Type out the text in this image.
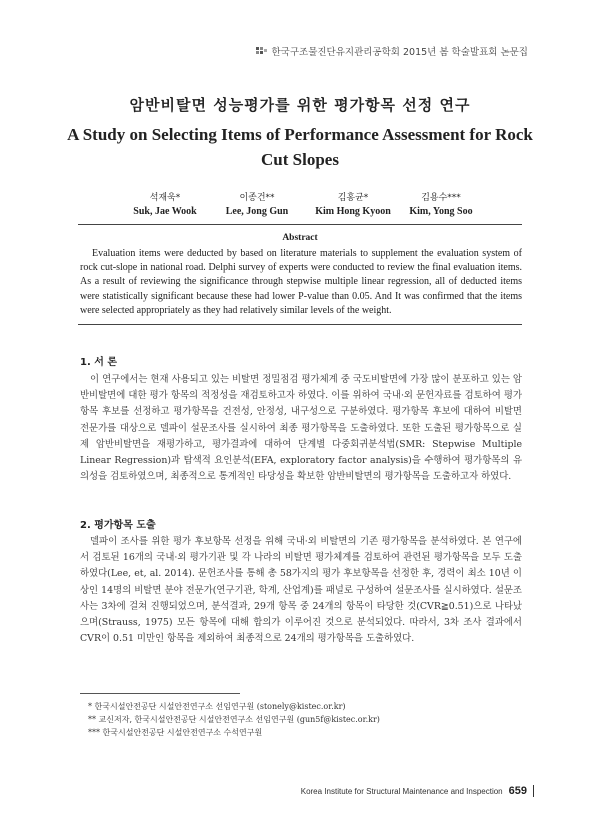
한국구조물진단유지관리공학회 2015년 봄 학술발표회 논문집
암반비탈면 성능평가를 위한 평가항목 선정 연구
A Study on Selecting Items of Performance Assessment for Rock Cut Slopes
석재욱*
Suk, Jae Wook
이종건**
Lee, Jong Gun
김홍균*
Kim Hong Kyoon
김용수***
Kim, Yong Soo
Abstract
Evaluation items were deducted by based on literature materials to supplement the evaluation system of rock cut-slope in national road. Delphi survey of experts were conducted to review the final evaluation items. As a result of reviewing the significance through stepwise multiple linear regression, all of deducted items were statistically significant because these had lower P-value than 0.05. And It was confirmed that the items were selected appropriately as they had relatively similar levels of the weight.
1. 서 론
이 연구에서는 현재 사용되고 있는 비탈면 정밀점검 평가체계 중 국도비탈면에 가장 많이 분포하고 있는 암반비탈면에 대한 평가 항목의 적정성을 재검토하고자 하였다. 이를 위하여 국내·외 문헌자료를 검토하여 평가항목 후보를 선정하고 평가항목을 건전성, 안정성, 내구성으로 구분하였다. 평가항목 후보에 대하여 비탈면 전문가를 대상으로 델파이 설문조사를 실시하여 최종 평가항목을 도출하였다. 또한 도출된 평가항목으로 실제 암반비탈면을 재평가하고, 평가결과에 대하여 단계별 다중회귀분석법(SMR: Stepwise Multiple Linear Regression)과 탐색적 요인분석(EFA, exploratory factor analysis)을 수행하여 평가항목의 유의성을 검토하였으며, 최종적으로 통계적인 타당성을 확보한 암반비탈면의 평가항목을 도출하고자 하였다.
2. 평가항목 도출
델파이 조사를 위한 평가 후보항목 선정을 위해 국내·외 비탈면의 기존 평가항목을 분석하였다. 본 연구에서 검토된 16개의 국내·외 평가기관 및 각 나라의 비탈면 평가체계를 검토하여 관련된 평가항목을 모두 도출하였다(Lee, et, al. 2014). 문헌조사를 통해 총 58가지의 평가 후보항목을 선정한 후, 경력이 최소 10년 이상인 14명의 비탈면 분야 전문가(연구기관, 학계, 산업계)를 패널로 구성하여 설문조사를 실시하였다. 설문조사는 3차에 걸쳐 진행되었으며, 분석결과, 29개 항목 중 24개의 항목이 타당한 것(CVR≧0.51)으로 나타났으며(Strauss, 1975) 모든 항목에 대해 합의가 이루어진 것으로 분석되었다. 따라서, 3차 조사 결과에서 CVR이 0.51 미만인 항목을 제외하여 최종적으로 24개의 평가항목을 도출하였다.
* 한국시설안전공단 시설안전연구소 선임연구원 (stonely@kistec.or.kr)
** 교신저자, 한국시설안전공단 시설안전연구소 선임연구원 (gun5f@kistec.or.kr)
*** 한국시설안전공단 시설안전연구소 수석연구원
Korea Institute for Structural Maintenance and Inspection 659
